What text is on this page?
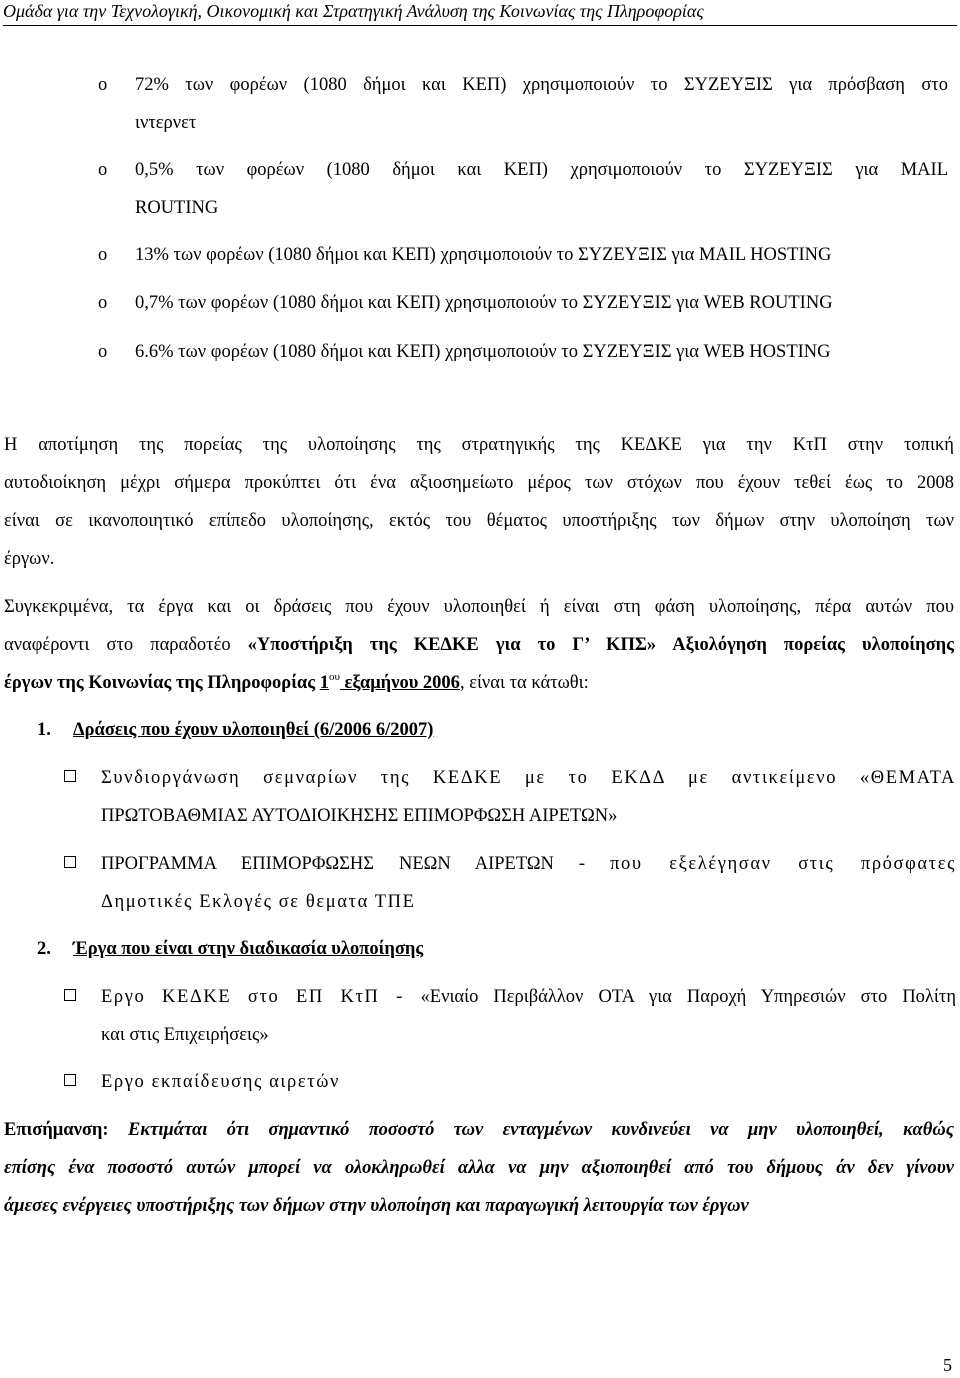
Ομάδα για την Τεχνολογική, Οικονομική και Στρατηγική Ανάλυση της Κοινωνίας της Πληροφορίας
o 72% των φορέων (1080 δήμοι και ΚΕΠ) χρησιμοποιούν το ΣΥΖΕΥΞΙΣ για πρόσβαση στο
ιντερνετ
o 0,5% των φορέων (1080 δήμοι και ΚΕΠ) χρησιμοποιούν το ΣΥΖΕΥΞΙΣ για MAIL
ROUTING
o 13% των φορέων (1080 δήμοι και ΚΕΠ) χρησιμοποιούν το ΣΥΖΕΥΞΙΣ για MAIL HOSTING
o 0,7% των φορέων (1080 δήμοι και ΚΕΠ) χρησιμοποιούν το ΣΥΖΕΥΞΙΣ για WEB ROUTING
o 6.6% των φορέων (1080 δήμοι και ΚΕΠ) χρησιμοποιούν το ΣΥΖΕΥΞΙΣ για WEB HOSTING
Η αποτίμηση της πορείας της υλοποίησης της στρατηγικής της ΚΕΔΚΕ για την ΚτΠ στην τοπική
αυτοδιοίκηση μέχρι σήμερα προκύπτει ότι ένα αξιοσημείωτο μέρος των στόχων που έχουν τεθεί έως το 2008
είναι σε ικανοποιητικό επίπεδο υλοποίησης, εκτός του θέματος υποστήριξης των δήμων στην υλοποίηση των
έργων.
Συγκεκριμένα, τα έργα και οι δράσεις που έχουν υλοποιηθεί ή είναι στη φάση υλοποίησης, πέρα αυτών που
αναφέροντι στο παραδοτέο «Υποστήριξη της ΚΕΔΚΕ για το Γ’ ΚΠΣ» Αξιολόγηση πορείας υλοποίησης
έργων της Κοινωνίας της Πληροφορίας $1^{o\upsilon}$ εξαμήνου 2006, είναι τα κάτωθι:
1. Δράσεις που έχουν υλοποιηθεί (6/2006 6/2007)
Συνδιοργάνωση σεμναρίων της ΚΕΔΚΕ με το ΕΚΔΔ με αντικείμενο «ΘΕΜΑΤΑ
ΠΡΩΤΟΒΑΘΜΙΑΣ ΑΥΤΟΔΙΟΙΚΗΣΗΣ ΕΠΙΜΟΡΦΩΣΗ ΑΙΡΕΤΩΝ»
ΠΡΟΓΡΑΜΜΑ ΕΠΙΜΟΡΦΩΣΗΣ ΝΕΩΝ ΑΙΡΕΤΩΝ - που εξελέγησαν στις πρόσφατες
Δημοτικές Εκλογές σε θεματα ΤΠΕ
2. Έργα που είναι στην διαδικασία υλοποίησης
Εργο ΚΕΔΚΕ στο ΕΠ ΚτΠ - «Ενιαίο Περιβάλλον ΟΤΑ για Παροχή Υπηρεσιών στο Πολίτη
και στις Επιχειρήσεις»
Εργο εκπαίδευσης αιρετών
Επισήμανση: Εκτιμάται ότι σημαντικό ποσοστό των ενταγμένων κυνδινεύει να μην υλοποιηθεί, καθώς
επίσης ένα ποσοστό αυτών μπορεί να ολοκληρωθεί αλλα να μην αξιοποιηθεί από του δήμους άν δεν γίνουν
άμεσες ενέργειες υποστήριξης των δήμων στην υλοποίηση και παραγωγική λειτουργία των έργων
5
